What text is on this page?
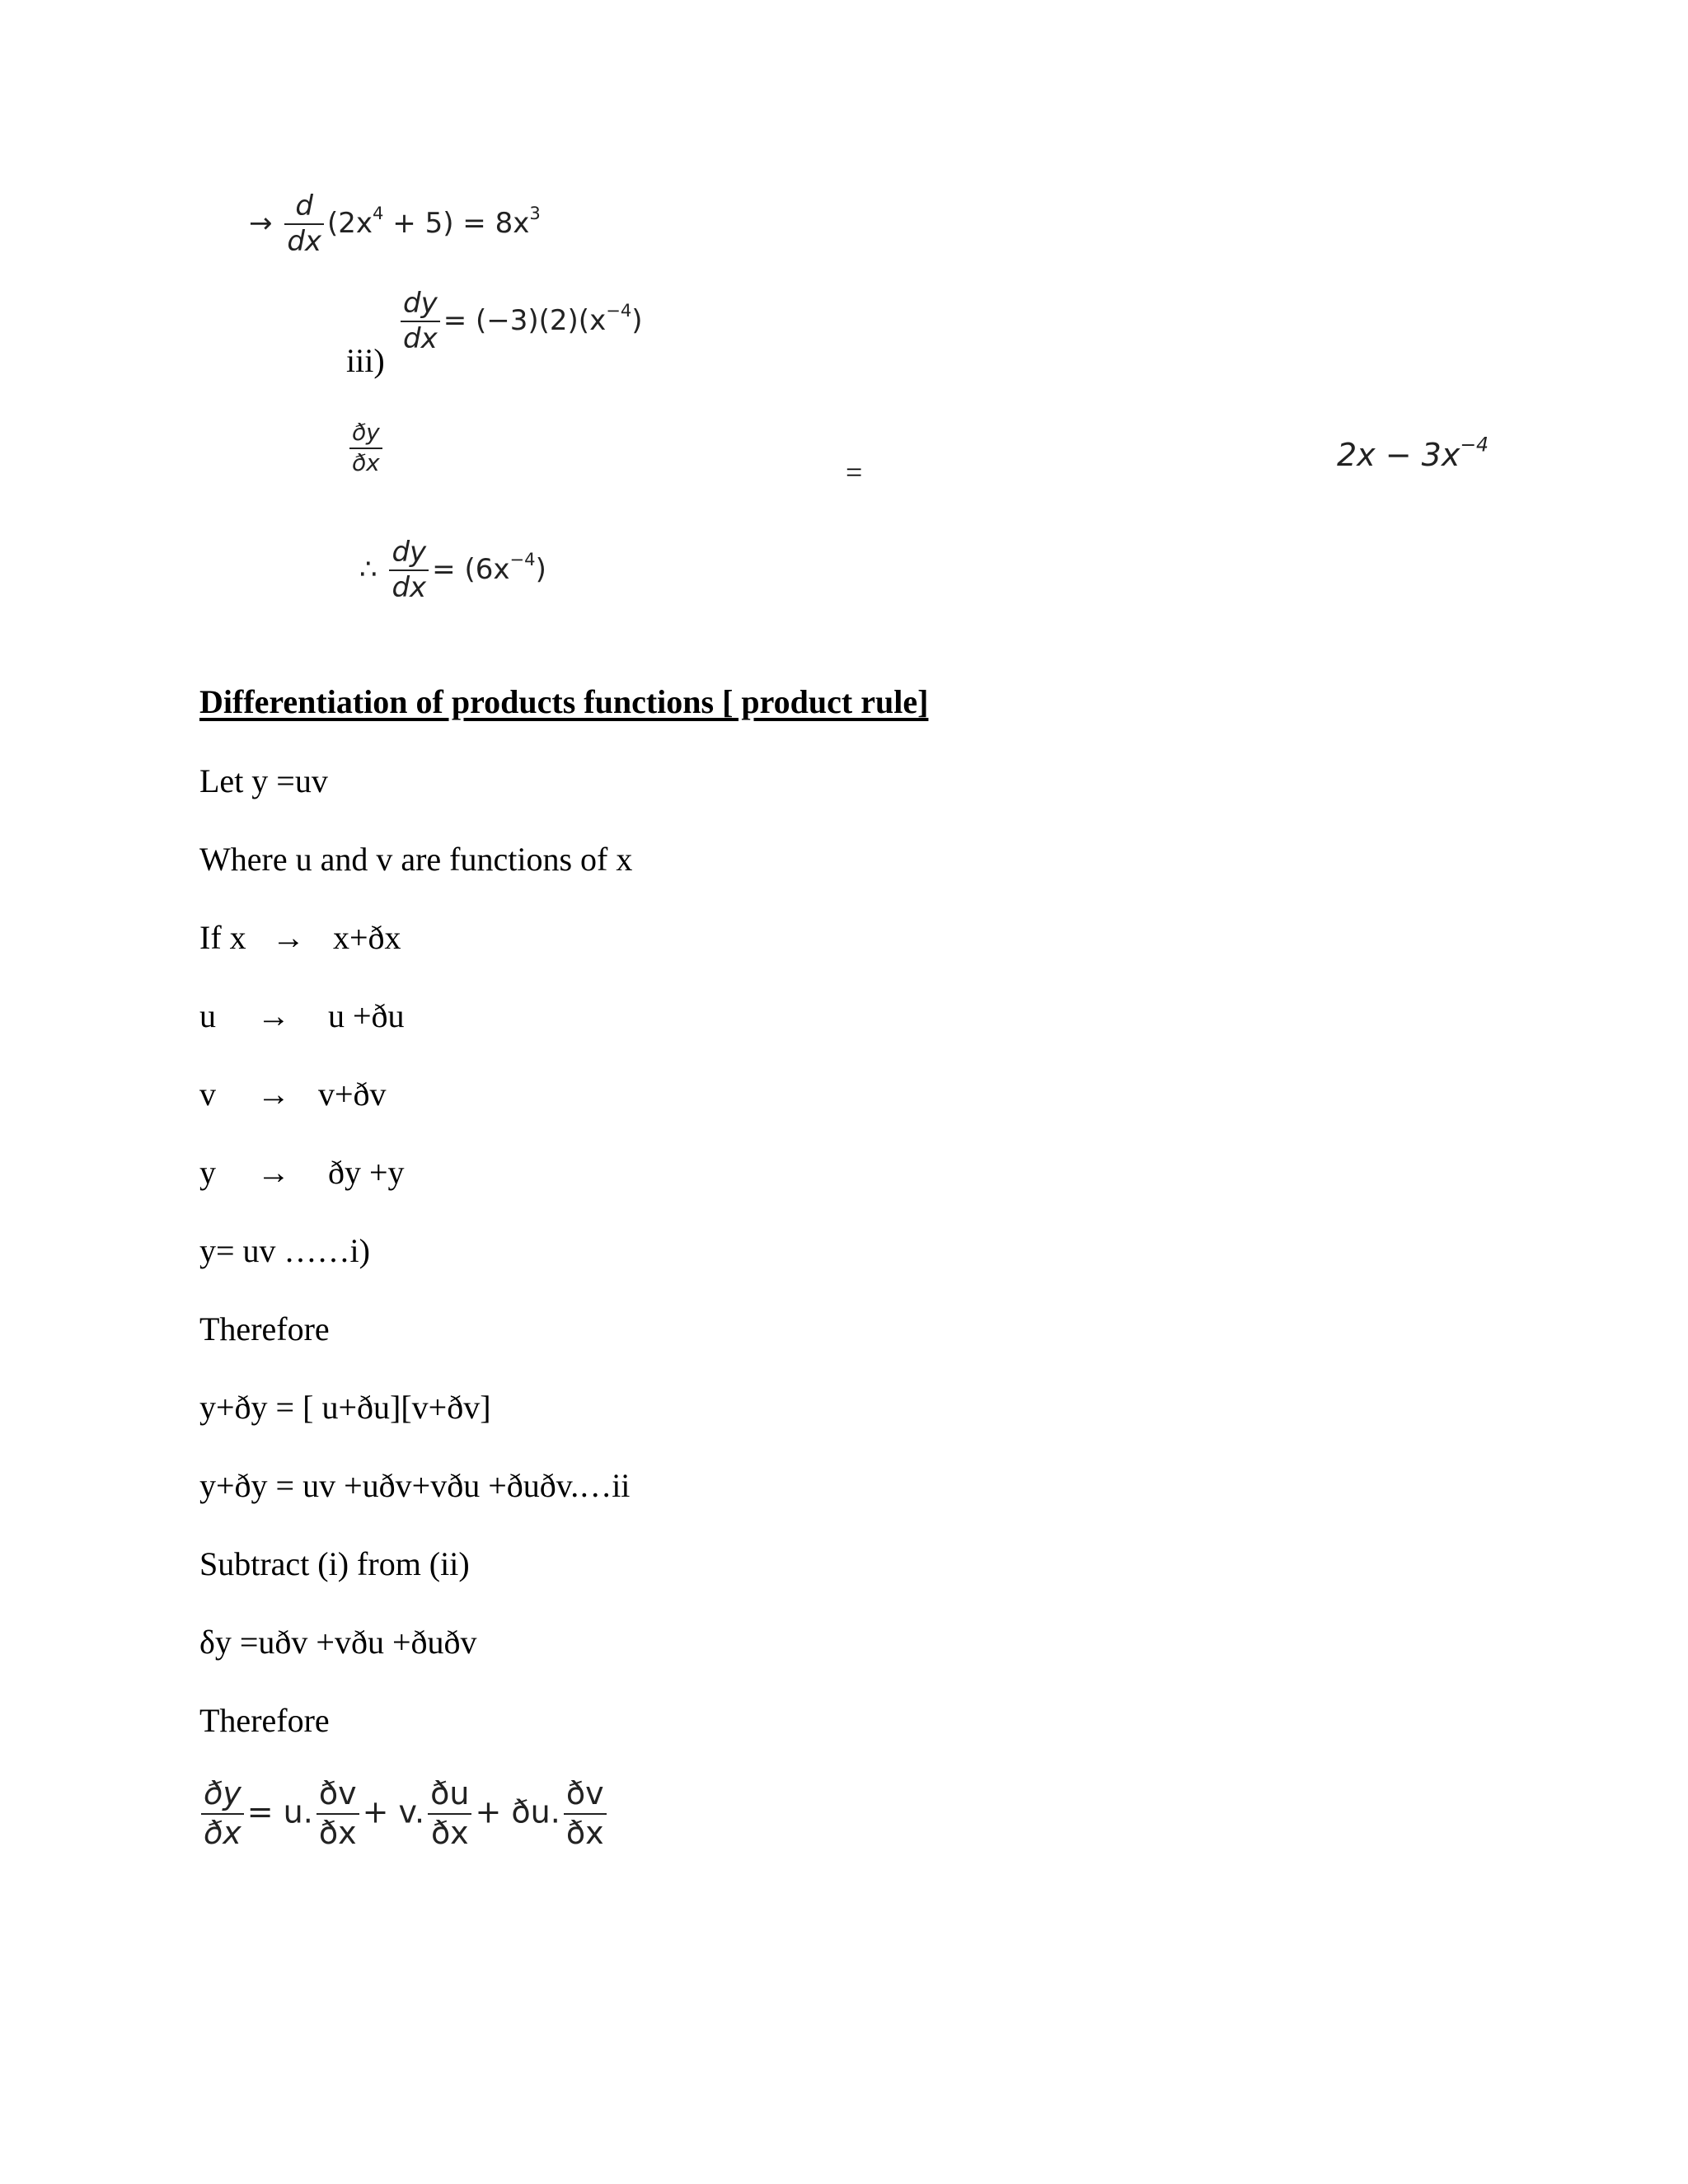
→ $\frac{d}{dx} (2x^4 + 5) = 8x^3$
iii)
$\frac{dy}{dx} = (-3)(2)(x^{-4})$
$\frac{ðy}{ðx}$	=	$2x - 3x^{-4}$
∴ $\frac{dy}{dx} = (6x^{-4})$
Differentiation of products functions [ product rule]
Let y =uv
Where u and v are functions of x
If x → x+ðx
u → u +ðu
v → v+ðv
y → ðy +y
y= uv ……i)
Therefore
y+ðy = [ u+ðu][v+ðv]
y+ðy = uv +uðv+vðu +ðuðv.…ii
Subtract (i) from (ii)
δy =uðv +vðu +ðuðv
Therefore
$\frac{ðy}{ðx} = u$. $\frac{ðv}{ðx} + v$. $\frac{ðu}{ðx}$ + ðu. $\frac{ðv}{ðx}$
